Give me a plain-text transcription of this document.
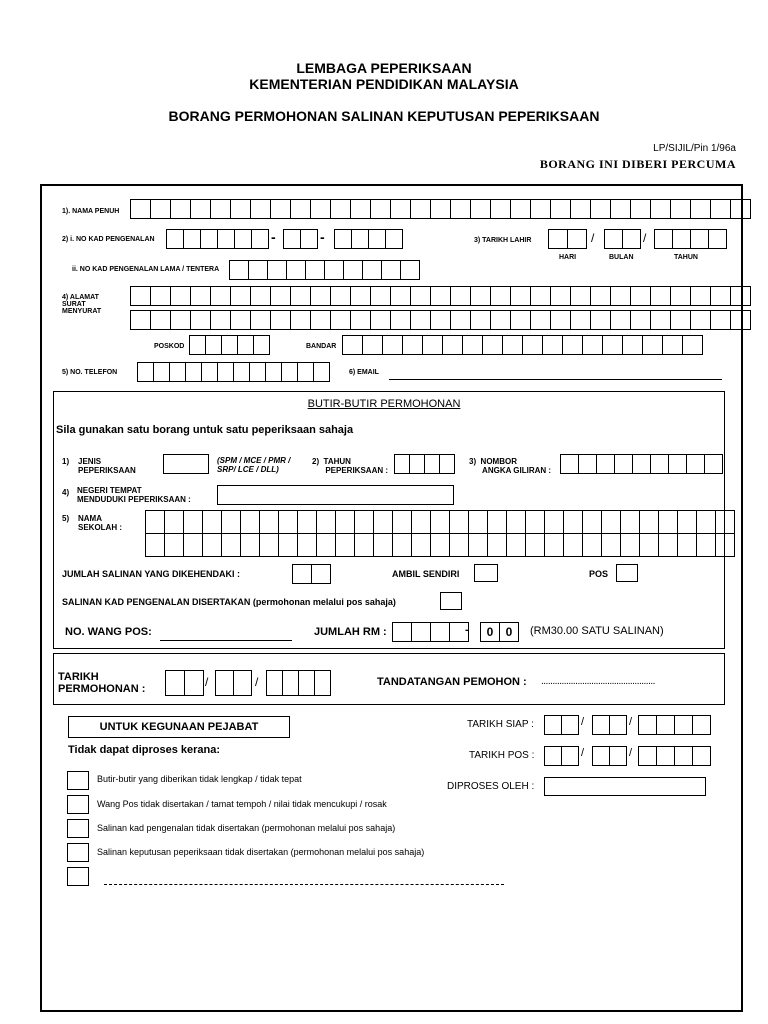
LEMBAGA PEPERIKSAAN
KEMENTERIAN PENDIDIKAN MALAYSIA
BORANG PERMOHONAN SALINAN KEPUTUSAN PEPERIKSAAN
LP/SIJIL/Pin 1/96a
BORANG INI DIBERI PERCUMA
1). NAMA PENUH
2) i. NO KAD PENGENALAN	-	-	3) TARIKH LAHIR	/	/
HARI	BULAN	TAHUN
ii. NO KAD PENGENALAN LAMA / TENTERA
4) ALAMAT
SURAT
MENYURAT
POSKOD	BANDAR
5) NO. TELEFON	6) EMAIL
BUTIR-BUTIR PERMOHONAN
Sila gunakan satu borang untuk satu peperiksaan sahaja
1) JENIS
PEPERIKSAAN
(SPM / MCE / PMR /
SRP/ LCE / DLL)
2)  TAHUN
PEPERIKSAAN :
3)  NOMBOR
ANGKA GILIRAN :
4) NEGERI TEMPAT
MENDUDUKI PEPERIKSAAN :
5) NAMA
SEKOLAH :
JUMLAH SALINAN YANG DIKEHENDAKI :	AMBIL SENDIRI	POS
SALINAN KAD PENGENALAN DISERTAKAN (permohonan melalui pos sahaja)
NO. WANG POS:	JUMLAH RM :	-	0	0	(RM30.00 SATU SALINAN)
TARIKH
PERMOHONAN :	/	/	TANDATANGAN PEMOHON : ..................................................
UNTUK KEGUNAAN PEJABAT
Tidak dapat diproses kerana:
Butir-butir yang diberikan tidak lengkap / tidak tepat
Wang Pos tidak disertakan / tamat tempoh / nilai tidak mencukupi / rosak
Salinan kad pengenalan tidak disertakan (permohonan melalui pos sahaja)
Salinan keputusan peperiksaan tidak disertakan (permohonan melalui pos sahaja)
TARIKH SIAP :	/	/
TARIKH POS :	/	/
DIPROSES OLEH :
